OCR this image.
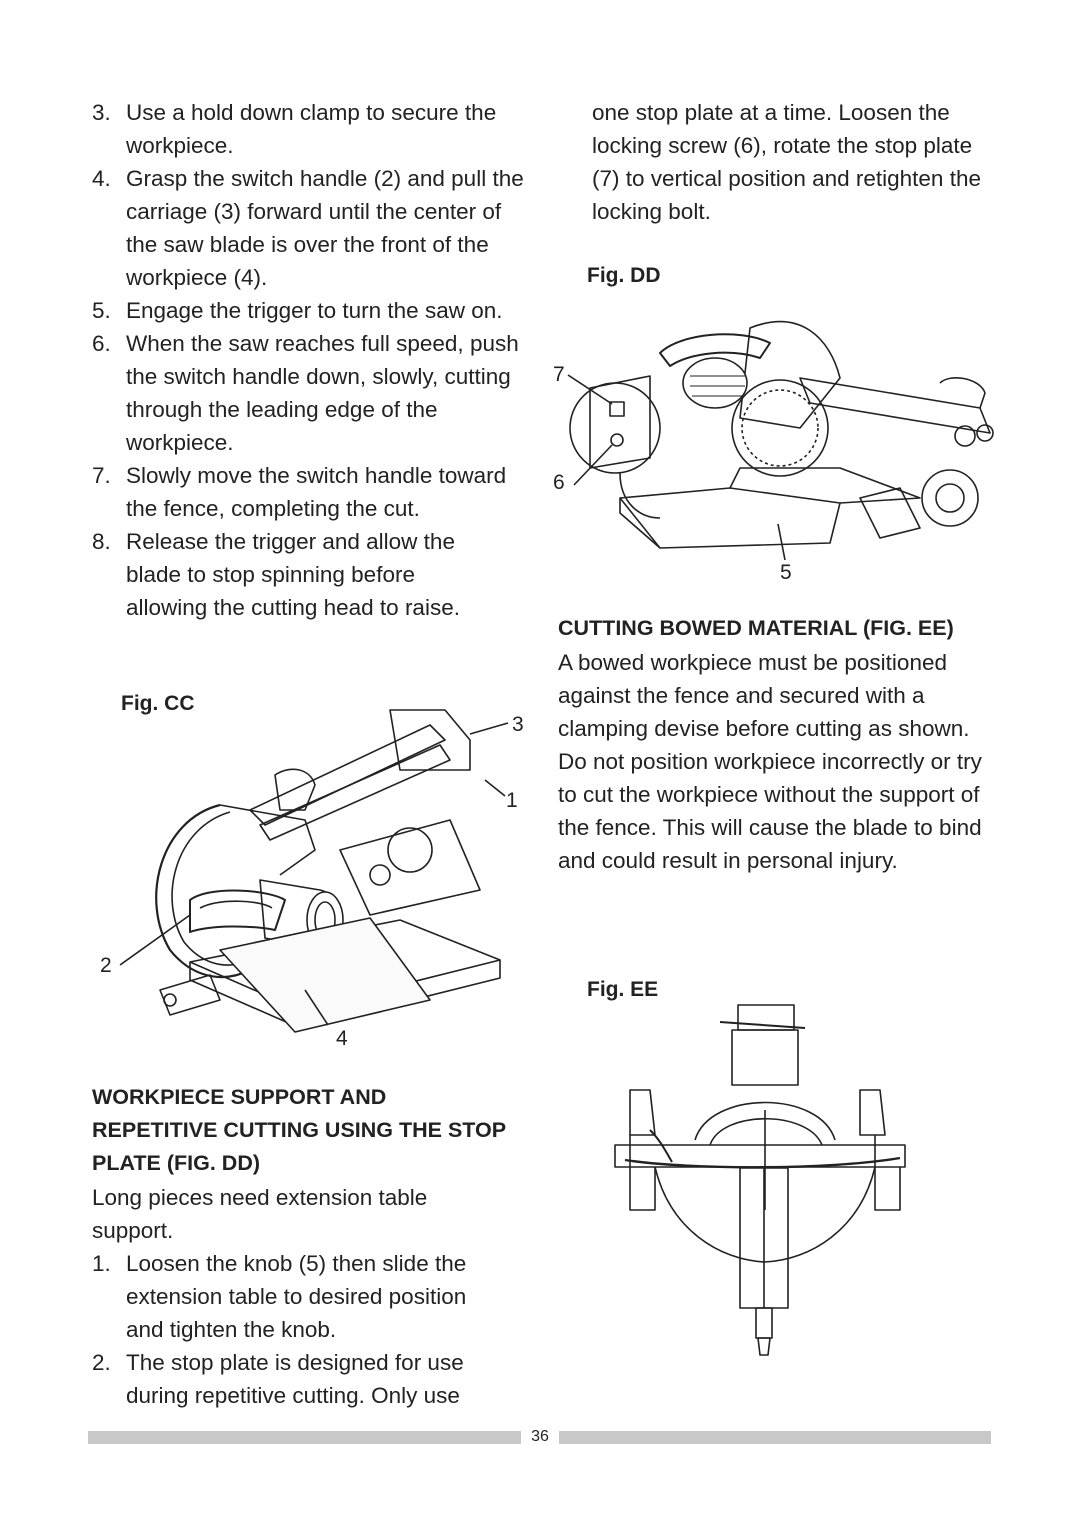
3. Use a hold down clamp to secure the workpiece.
4. Grasp the switch handle (2) and pull the carriage (3) forward until the center of the saw blade is over the front of the workpiece (4).
5. Engage the trigger to turn the saw on.
6. When the saw reaches full speed, push the switch handle down, slowly, cutting through the leading edge of the workpiece.
7. Slowly move the switch handle toward the fence, completing the cut.
8. Release the trigger and allow the blade to stop spinning before allowing the cutting head to raise.
Fig. CC
3
1
2
4
WORKPIECE SUPPORT AND REPETITIVE CUTTING USING THE STOP PLATE (FIG. DD)

Long pieces need extension table support.

1. Loosen the knob (5) then slide the extension table to desired position and tighten the knob.
2. The stop plate is designed for use during repetitive cutting. Only use

one stop plate at a time. Loosen the locking screw (6), rotate the stop plate (7) to vertical position and retighten the locking bolt.

Fig. DD
7
6
5
CUTTING BOWED MATERIAL (FIG. EE)

A bowed workpiece must be positioned against the fence and secured with a clamping devise before cutting as shown. Do not position workpiece incorrectly or try to cut the workpiece without the support of the fence. This will cause the blade to bind and could result in personal injury.

Fig. EE
36
